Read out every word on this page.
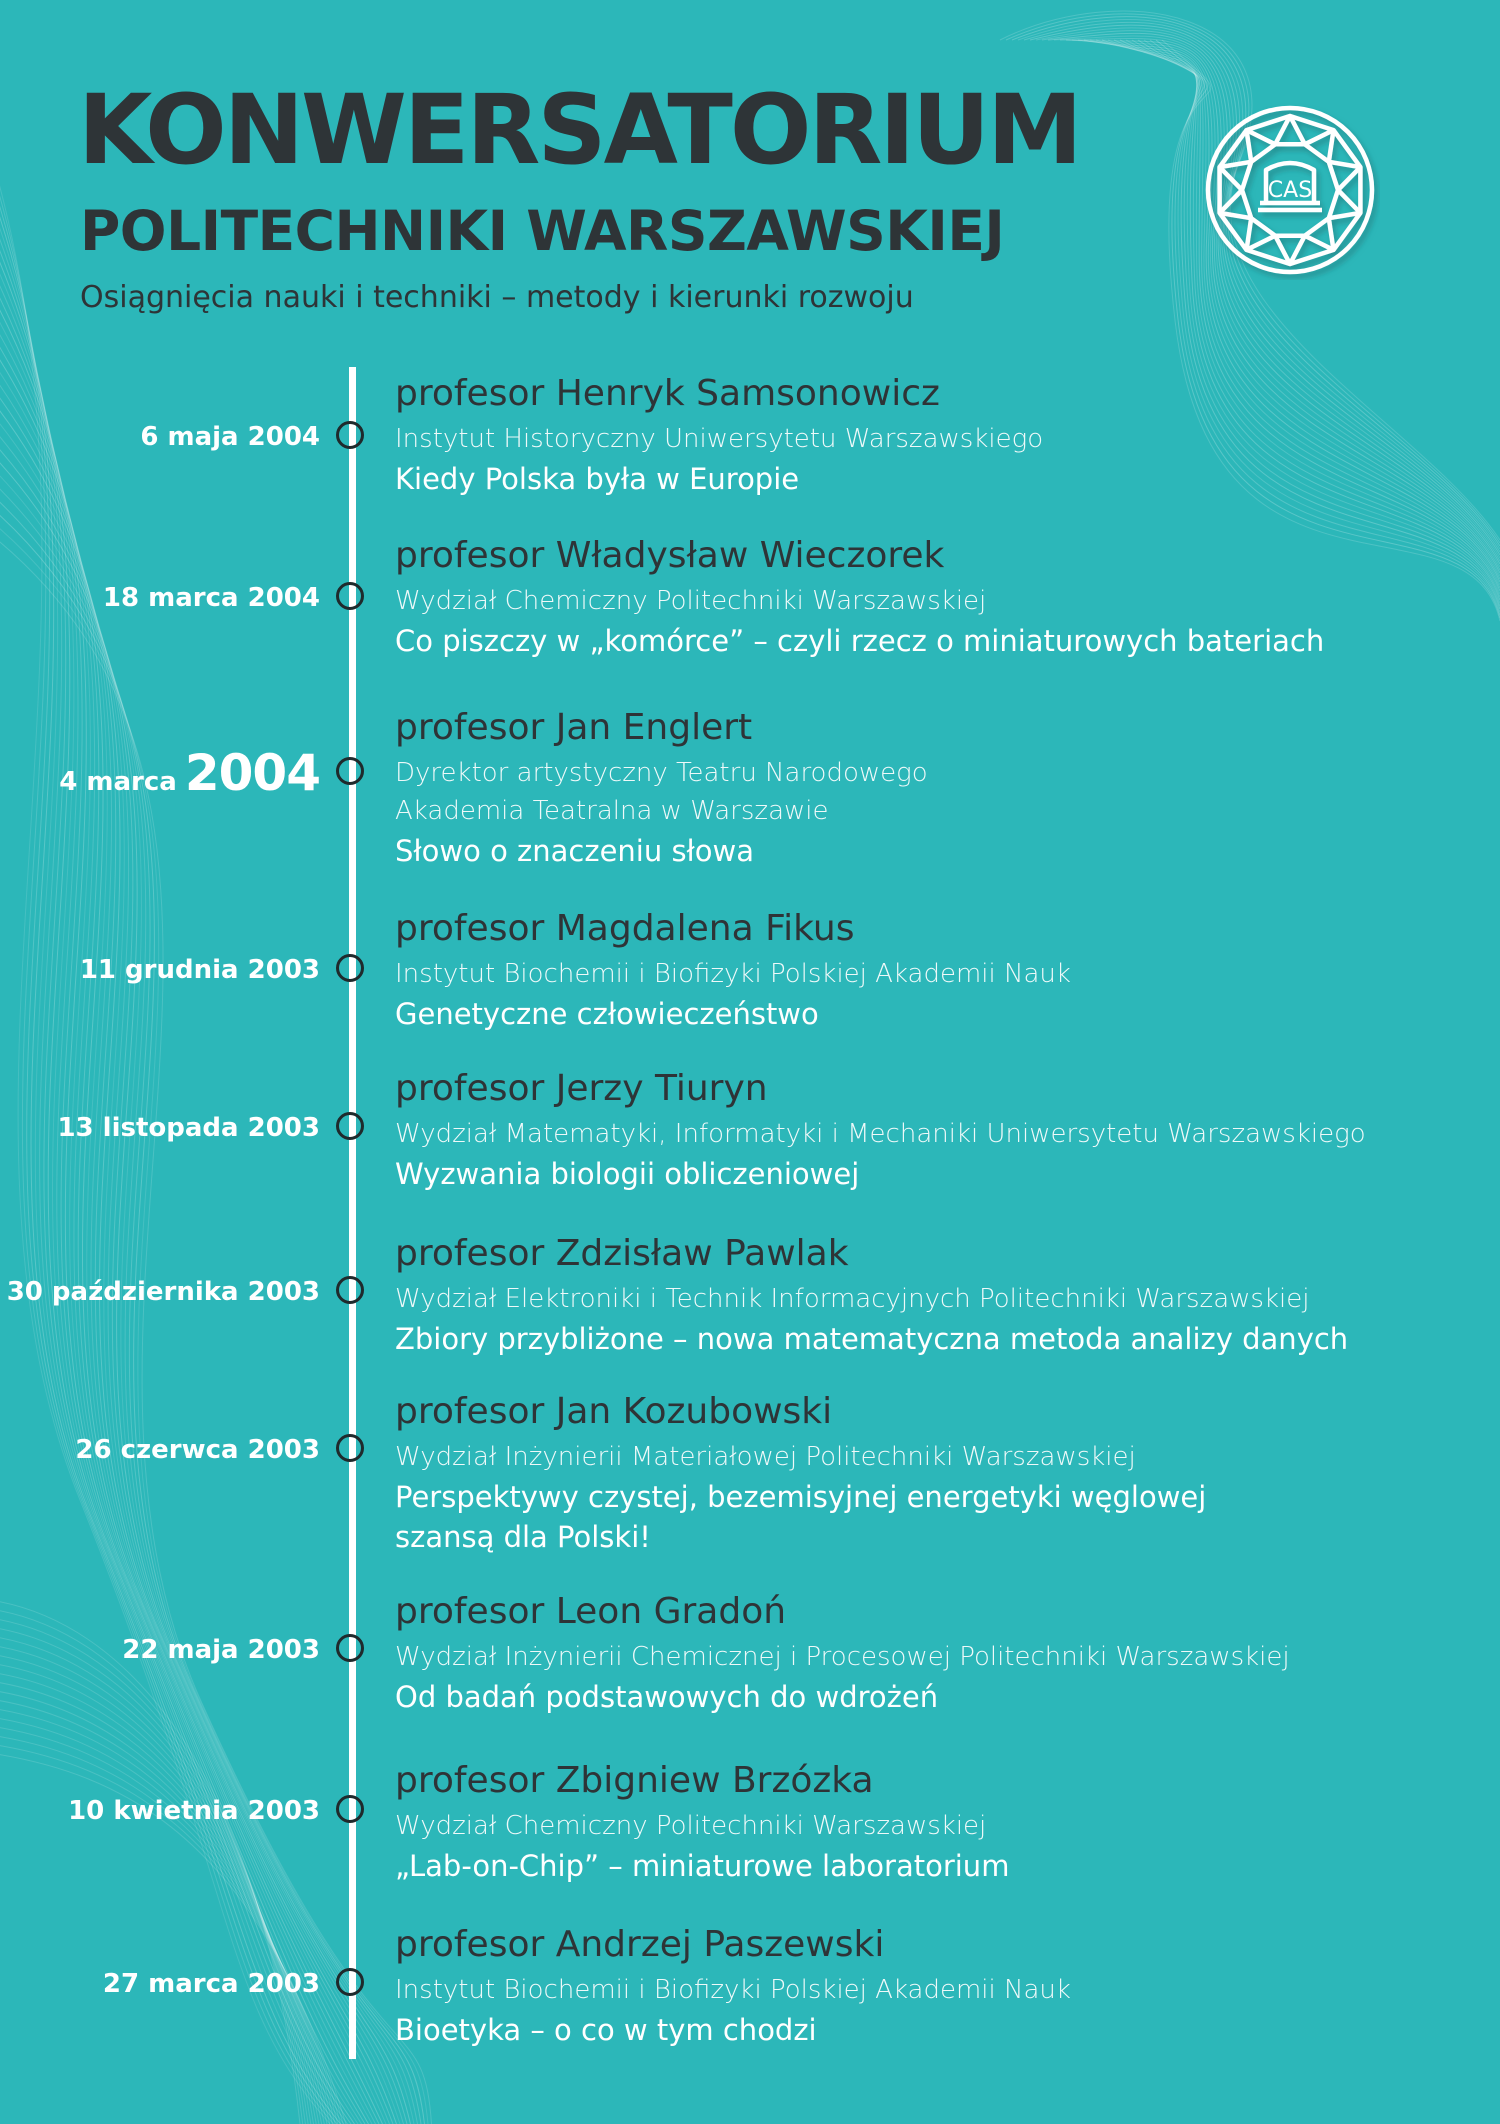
KONWERSATORIUM
POLITECHNIKI WARSZAWSKIEJ
Osiągnięcia nauki i techniki – metody i kierunki rozwoju
CAS
6 maja 2004
profesor Henryk Samsonowicz
Instytut Historyczny Uniwersytetu Warszawskiego
Kiedy Polska była w Europie
18 marca 2004
profesor Władysław Wieczorek
Wydział Chemiczny Politechniki Warszawskiej
Co piszczy w „komórce” – czyli rzecz o miniaturowych bateriach
4 marca 2004
profesor Jan Englert
Dyrektor artystyczny Teatru Narodowego
Akademia Teatralna w Warszawie
Słowo o znaczeniu słowa
11 grudnia 2003
profesor Magdalena Fikus
Instytut Biochemii i Biofizyki Polskiej Akademii Nauk
Genetyczne człowieczeństwo
13 listopada 2003
profesor Jerzy Tiuryn
Wydział Matematyki, Informatyki i Mechaniki Uniwersytetu Warszawskiego
Wyzwania biologii obliczeniowej
30 października 2003
profesor Zdzisław Pawlak
Wydział Elektroniki i Technik Informacyjnych Politechniki Warszawskiej
Zbiory przybliżone – nowa matematyczna metoda analizy danych
26 czerwca 2003
profesor Jan Kozubowski
Wydział Inżynierii Materiałowej Politechniki Warszawskiej
Perspektywy czystej, bezemisyjnej energetyki węglowej
szansą dla Polski!
22 maja 2003
profesor Leon Gradoń
Wydział Inżynierii Chemicznej i Procesowej Politechniki Warszawskiej
Od badań podstawowych do wdrożeń
10 kwietnia 2003
profesor Zbigniew Brzózka
Wydział Chemiczny Politechniki Warszawskiej
„Lab-on-Chip” – miniaturowe laboratorium
27 marca 2003
profesor Andrzej Paszewski
Instytut Biochemii i Biofizyki Polskiej Akademii Nauk
Bioetyka – o co w tym chodzi
